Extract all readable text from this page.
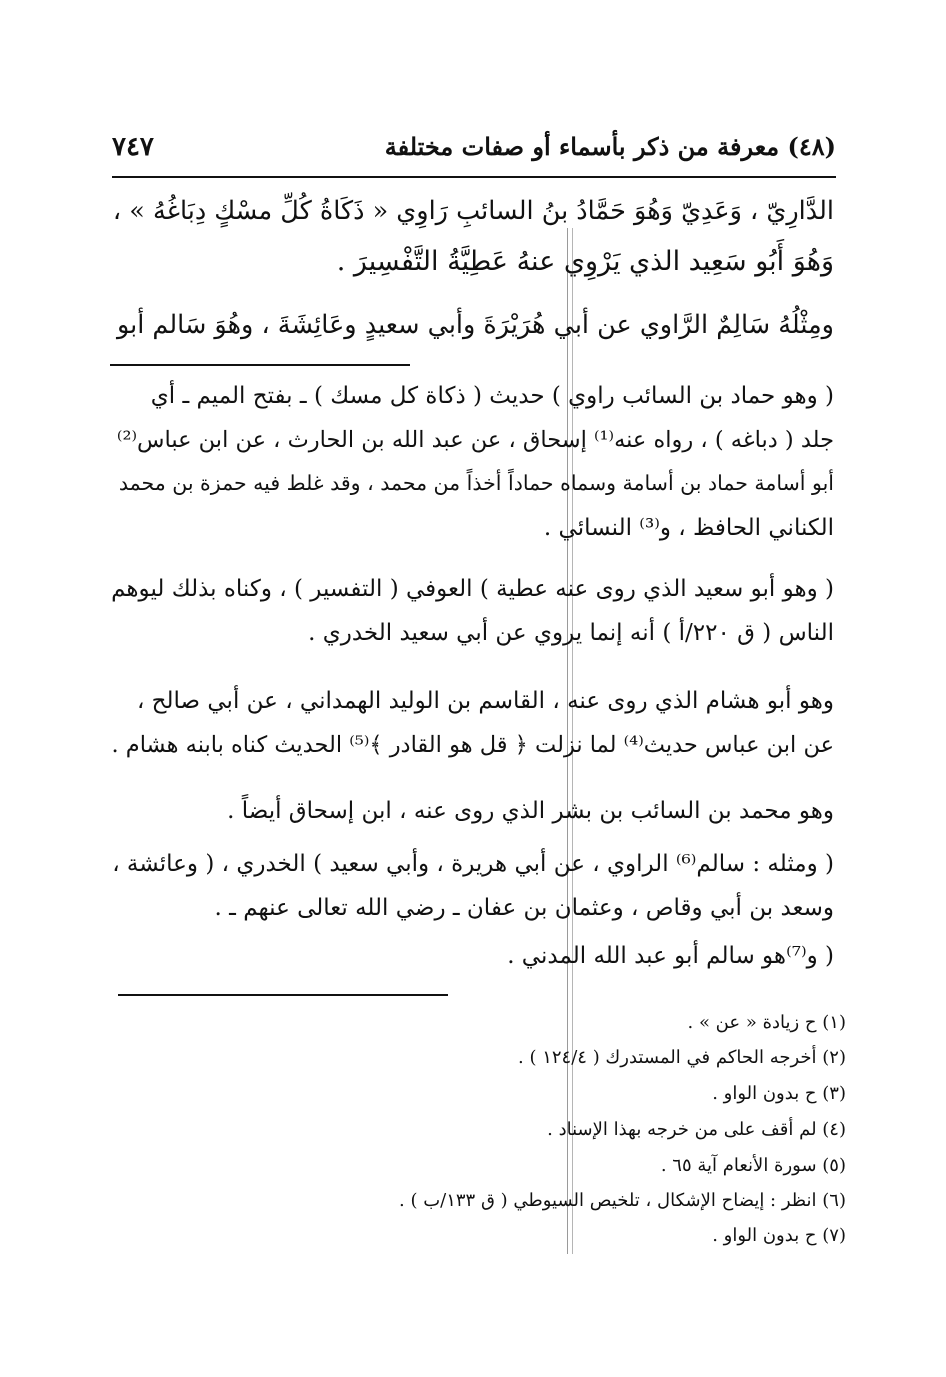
٧٤٧	(٤٨) معرفة من ذكر بأسماء أو صفات مختلفة
الدَّارِيّ ، وَعَدِيّ وَهُوَ حَمَّادُ بنُ السائبِ رَاوِي « ذَكَاةُ كُلِّ مسْكٍ دِبَاغُهُ » ،
وَهُوَ أَبُو سَعِيد الذي يَرْوِي عنهُ عَطِيَّةُ التَّفْسِيرَ .
ومِثْلُهُ سَالِمٌ الرَّاوي عن أبي هُرَيْرَةَ وأبي سعيدٍ وعَائِشَةَ ، وهُوَ سَالم أبو
( وهو حماد بن السائب راوي ) حديث ( ذكاة كل مسك ) ـ بفتح الميم ـ أي
جلد ( دباغه ) ، رواه عنه⁽¹⁾ إسحاق ، عن عبد الله بن الحارث ، عن ابن عباس⁽²⁾
أبو أسامة حماد بن أسامة وسماه حماداً أخذاً من محمد ، وقد غلط فيه حمزة بن محمد
الكناني الحافظ ، و⁽³⁾ النسائي .
( وهو أبو سعيد الذي روى عنه عطية ) العوفي ( التفسير ) ، وكناه بذلك ليوهم
الناس ( ق ٢٢٠/أ ) أنه إنما يروي عن أبي سعيد الخدري .
وهو أبو هشام الذي روى عنه ، القاسم بن الوليد الهمداني ، عن أبي صالح ،
عن ابن عباس حديث⁽⁴⁾ لما نزلت ﴿ قل هو القادر ﴾⁽⁵⁾ الحديث كناه بابنه هشام .
وهو محمد بن السائب بن بشر الذي روى عنه ، ابن إسحاق أيضاً .
( ومثله : سالم⁽⁶⁾ الراوي ، عن أبي هريرة ، وأبي سعيد ) الخدري ، ( وعائشة ،
وسعد بن أبي وقاص ، وعثمان بن عفان ـ رضي الله تعالى عنهم ـ .
( و⁽⁷⁾هو سالم أبو عبد الله المدني .
(١) ح زيادة « عن » .
(٢) أخرجه الحاكم في المستدرك ( ١٢٤/٤ ) .
(٣) ح بدون الواو .
(٤) لم أقف على من خرجه بهذا الإسناد .
(٥) سورة الأنعام آية ٦٥ .
(٦) انظر : إيضاح الإشكال ، تلخيص السيوطي ( ق ١٣٣/ب ) .
(٧) ح بدون الواو .
